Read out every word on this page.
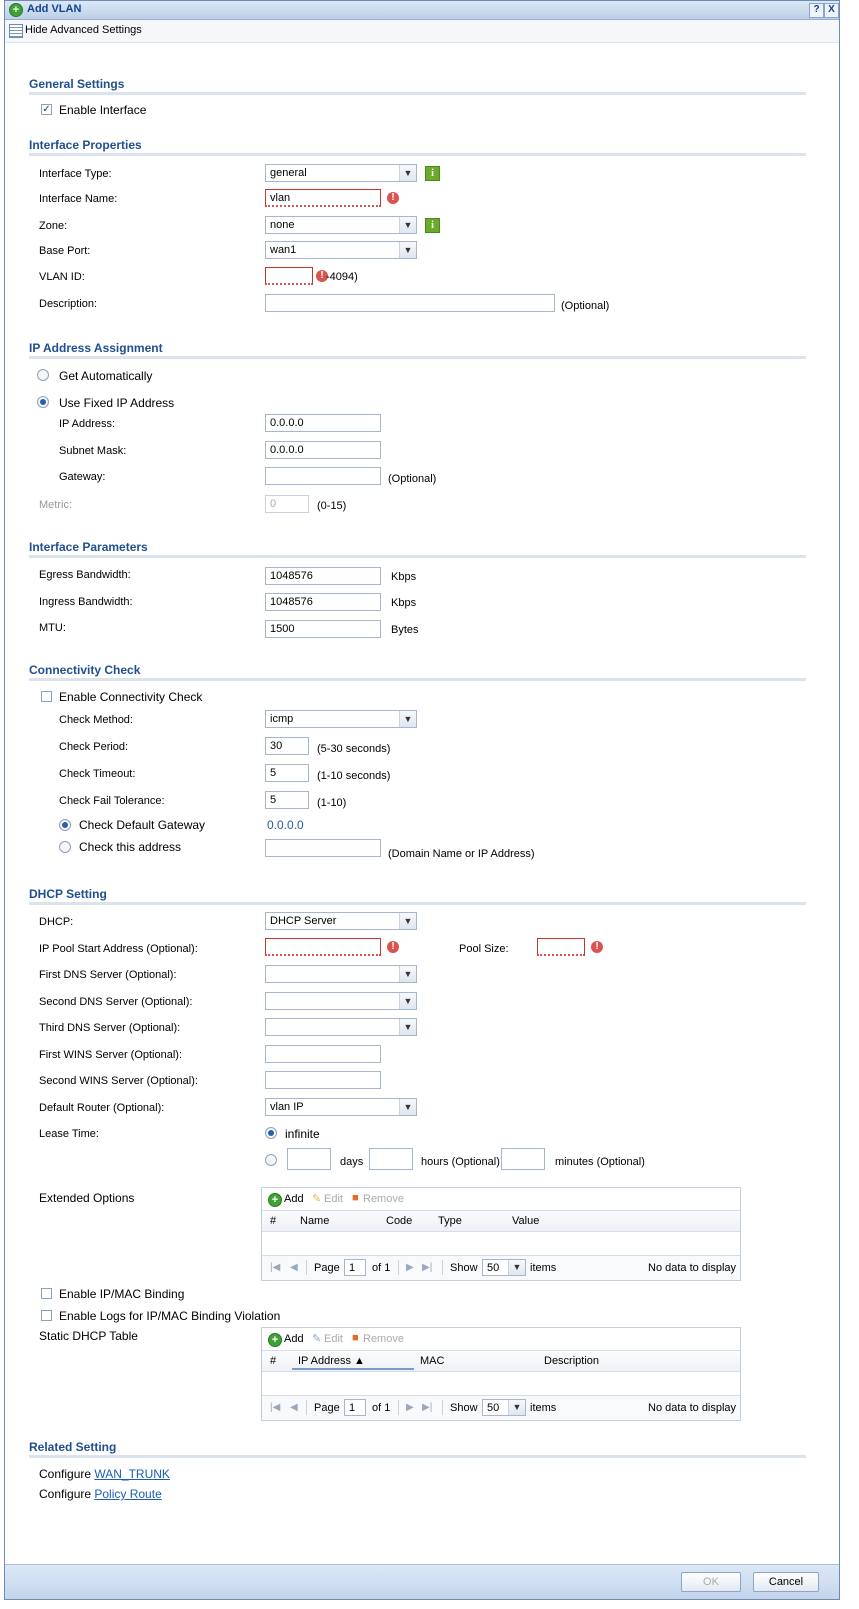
+ Add VLAN	? X
Hide Advanced Settings
General Settings
✓ Enable Interface
Interface Properties
Interface Type:	general	▼	i
Interface Name:	vlan	!
Zone:	none	▼	i
Base Port:	wan1	▼
VLAN ID:	! -4094)
Description:	(Optional)
IP Address Assignment
Get Automatically
Use Fixed IP Address
IP Address:	0.0.0.0
Subnet Mask:	0.0.0.0
Gateway:	(Optional)
Metric:	0	(0-15)
Interface Parameters
Egress Bandwidth:	1048576	Kbps
Ingress Bandwidth:	1048576	Kbps
MTU:	1500	Bytes
Connectivity Check
Enable Connectivity Check
Check Method:	icmp	▼
Check Period:	30	(5-30 seconds)
Check Timeout:	5	(1-10 seconds)
Check Fail Tolerance:	5	(1-10)
Check Default Gateway	0.0.0.0
Check this address	(Domain Name or IP Address)
DHCP Setting
DHCP:	DHCP Server	▼
IP Pool Start Address (Optional):	!	Pool Size:	!
First DNS Server (Optional):	▼
Second DNS Server (Optional):	▼
Third DNS Server (Optional):	▼
First WINS Server (Optional):
Second WINS Server (Optional):
Default Router (Optional):	vlan IP	▼
Lease Time:	infinite
days	hours (Optional)	minutes (Optional)
Extended Options	+ Add ✎ Edit ■ Remove
# Name	Code Type	Value
|◀ ◀ Page 1	of 1 ▶ ▶| Show 50	▼ items	No data to display
Enable IP/MAC Binding
Enable Logs for IP/MAC Binding Violation
Static DHCP Table	+ Add ✎ Edit ■ Remove
# IP Address ▲	MAC	Description
|◀ ◀ Page 1	of 1 ▶ ▶| Show 50	▼ items	No data to display
Related Setting
Configure WAN_TRUNK
Configure Policy Route
OK	Cancel
